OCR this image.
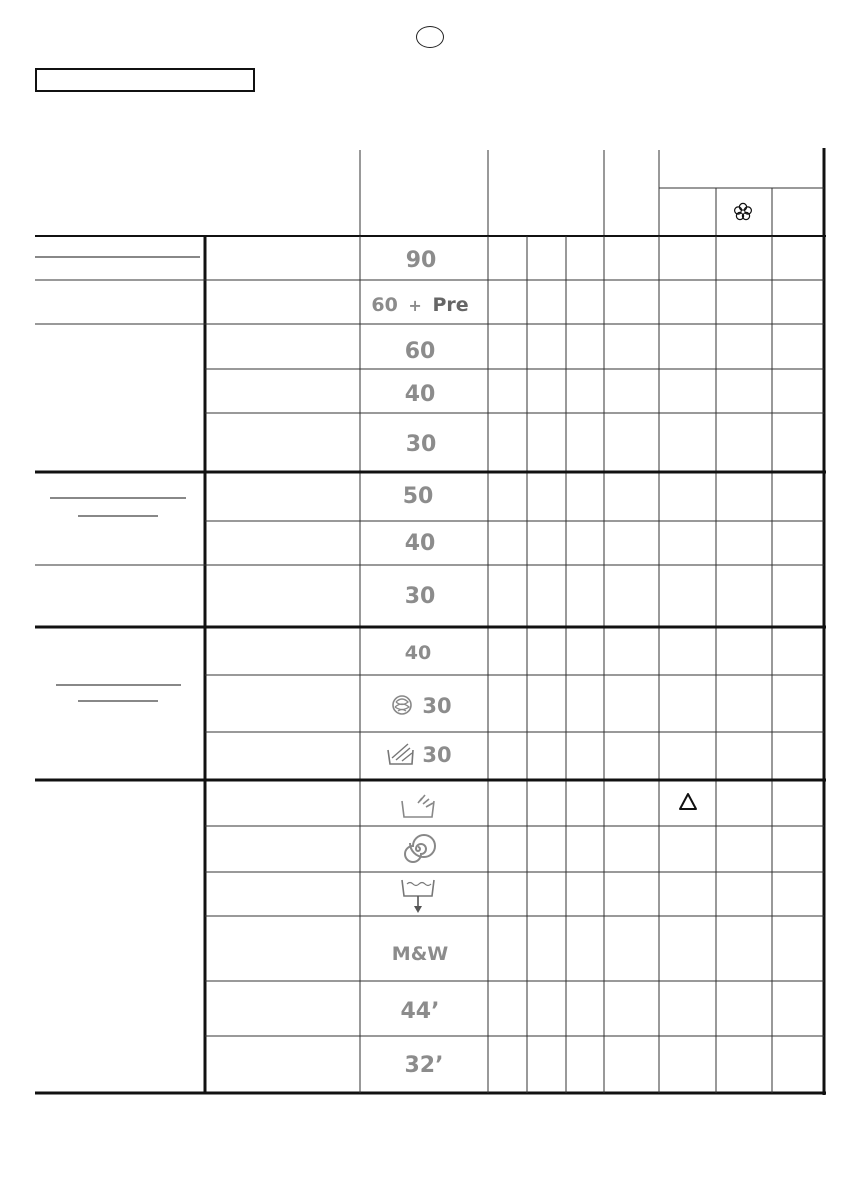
90
60 + Pre
60
40
30
50
40
30
40
30
30
M&W
44’
32’
